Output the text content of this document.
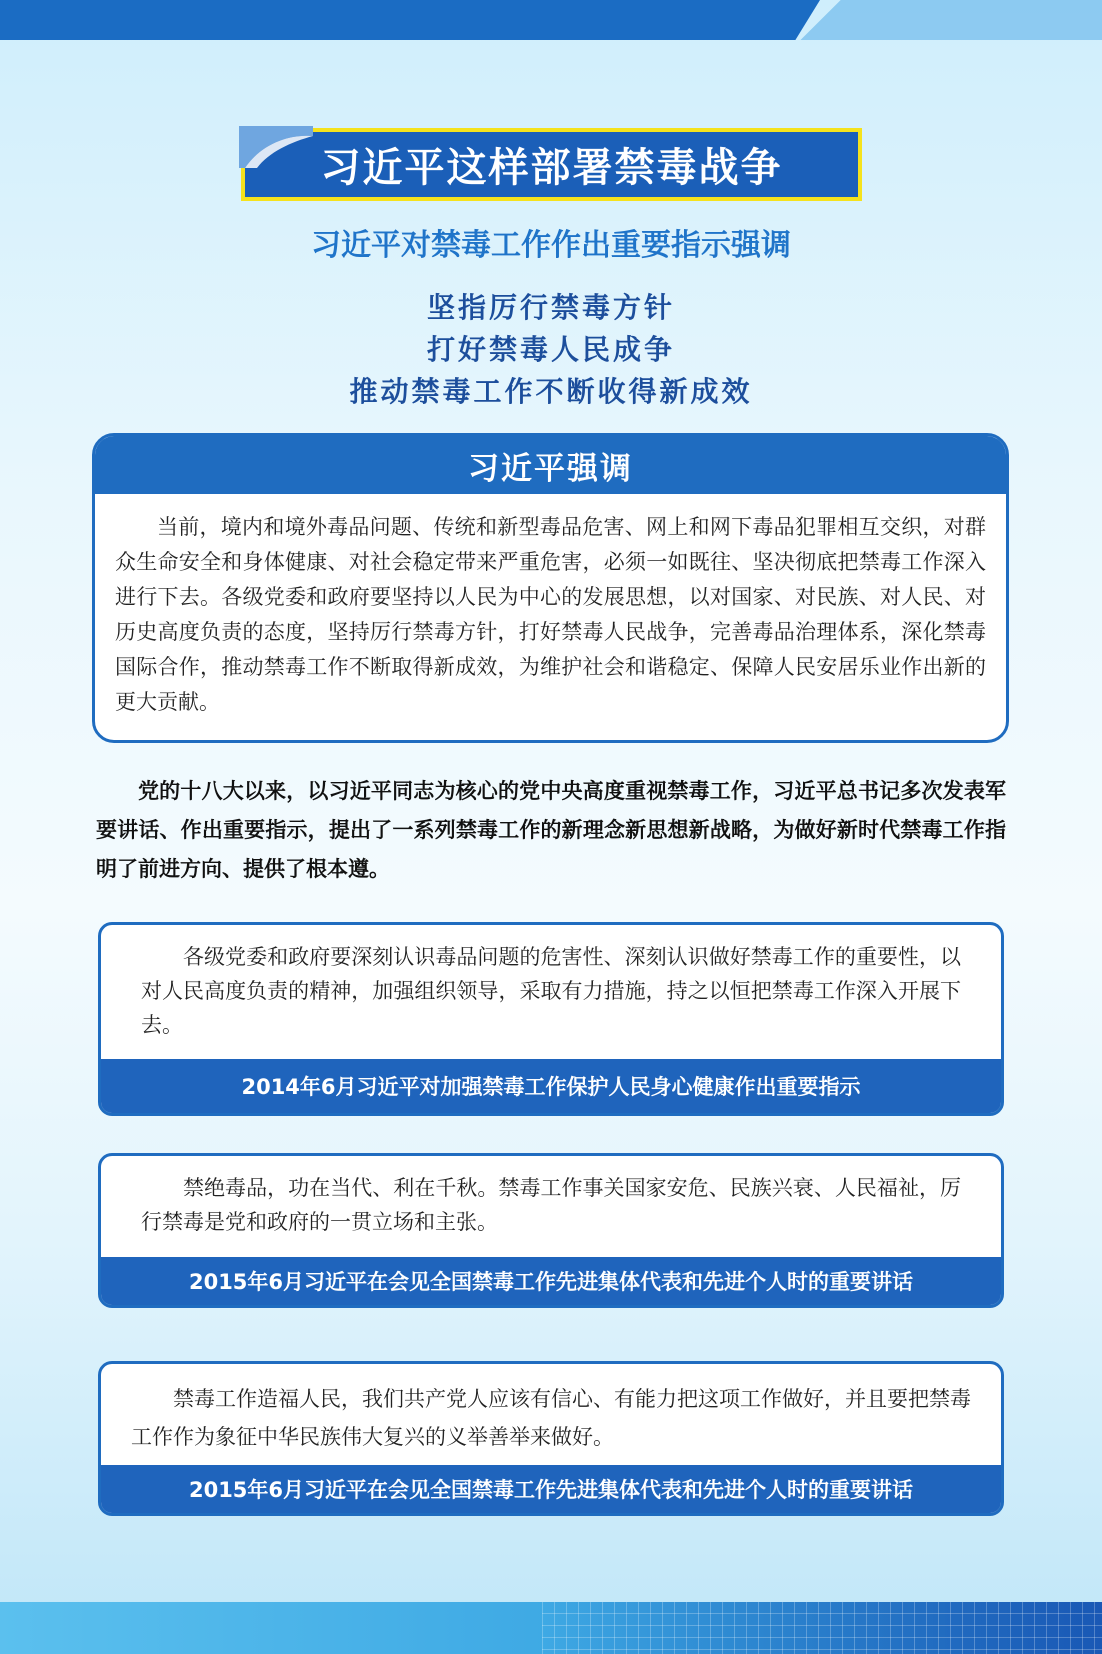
习近平这样部署禁毒战争
习近平对禁毒工作作出重要指示强调
坚指厉行禁毒方针
打好禁毒人民成争
推动禁毒工作不断收得新成效
习近平强调

当前，境内和境外毒品问题、传统和新型毒品危害、网上和网下毒品犯罪相互交织，对群众生命安全和身体健康、对社会稳定带来严重危害，必须一如既往、坚决彻底把禁毒工作深入进行下去。各级党委和政府要坚持以人民为中心的发展思想，以对国家、对民族、对人民、对历史高度负责的态度，坚持厉行禁毒方针，打好禁毒人民战争，完善毒品治理体系，深化禁毒国际合作，推动禁毒工作不断取得新成效，为维护社会和谐稳定、保障人民安居乐业作出新的更大贡献。

党的十八大以来，以习近平同志为核心的党中央高度重视禁毒工作，习近平总书记多次发表军要讲话、作出重要指示，提出了一系列禁毒工作的新理念新思想新战略，为做好新时代禁毒工作指明了前进方向、提供了根本遵。

各级党委和政府要深刻认识毒品问题的危害性、深刻认识做好禁毒工作的重要性，以对人民高度负责的精神，加强组织领导，采取有力措施，持之以恒把禁毒工作深入开展下去。

2014年6月习近平对加强禁毒工作保护人民身心健康作出重要指示

禁绝毒品，功在当代、利在千秋。禁毒工作事关国家安危、民族兴衰、人民福祉，厉行禁毒是党和政府的一贯立场和主张。

2015年6月习近平在会见全国禁毒工作先进集体代表和先进个人时的重要讲话

禁毒工作造福人民，我们共产党人应该有信心、有能力把这项工作做好，并且要把禁毒工作作为象征中华民族伟大复兴的义举善举来做好。

2015年6月习近平在会见全国禁毒工作先进集体代表和先进个人时的重要讲话
